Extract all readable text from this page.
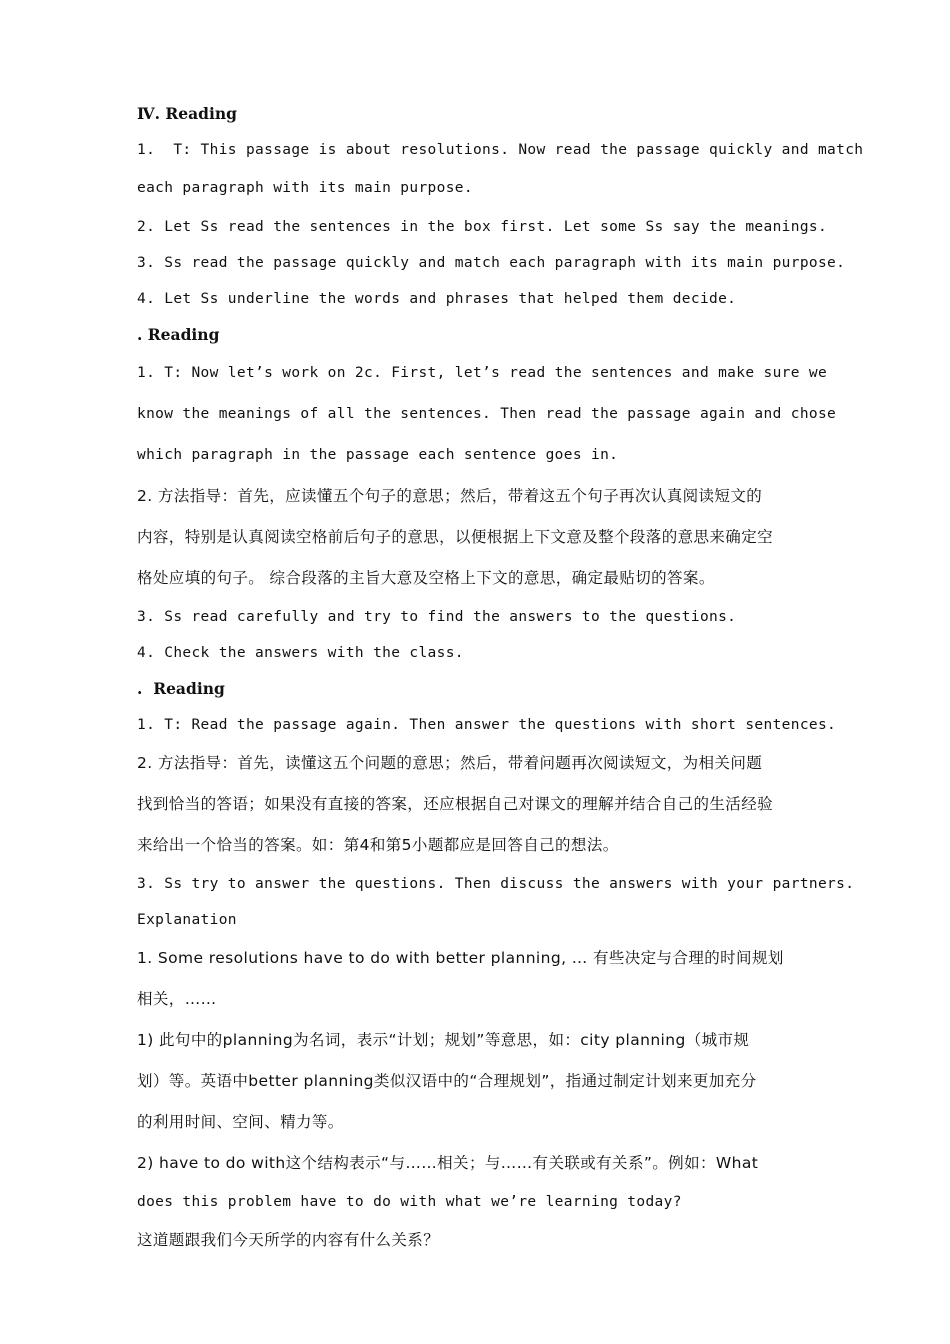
Ⅳ. Reading
1.  T: This passage is about resolutions. Now read the passage quickly and match
each paragraph with its main purpose.
2. Let Ss read the sentences in the box first. Let some Ss say the meanings.
3. Ss read the passage quickly and match each paragraph with its main purpose.
4. Let Ss underline the words and phrases that helped them decide.
. Reading
1. T: Now let’s work on 2c. First, let’s read the sentences and make sure we
know the meanings of all the sentences. Then read the passage again and chose
which paragraph in the passage each sentence goes in.
2. 方法指导：首先，应读懂五个句子的意思；然后，带着这五个句子再次认真阅读短文的
内容，特别是认真阅读空格前后句子的意思，以便根据上下文意及整个段落的意思来确定空
格处应填的句子。 综合段落的主旨大意及空格上下文的意思，确定最贴切的答案。
3. Ss read carefully and try to find the answers to the questions.
4. Check the answers with the class.
.  Reading
1. T: Read the passage again. Then answer the questions with short sentences.
2. 方法指导：首先，读懂这五个问题的意思；然后，带着问题再次阅读短文，为相关问题
找到恰当的答语；如果没有直接的答案，还应根据自己对课文的理解并结合自己的生活经验
来给出一个恰当的答案。如：第4和第5小题都应是回答自己的想法。
3. Ss try to answer the questions. Then discuss the answers with your partners.
Explanation
1. Some resolutions have to do with better planning, … 有些决定与合理的时间规划
相关，……
1) 此句中的planning为名词，表示“计划；规划”等意思，如：city planning（城市规
划）等。英语中better planning类似汉语中的“合理规划”，指通过制定计划来更加充分
的利用时间、空间、精力等。
2) have to do with这个结构表示“与……相关；与……有关联或有关系”。例如：What
does this problem have to do with what we’re learning today?
这道题跟我们今天所学的内容有什么关系？
